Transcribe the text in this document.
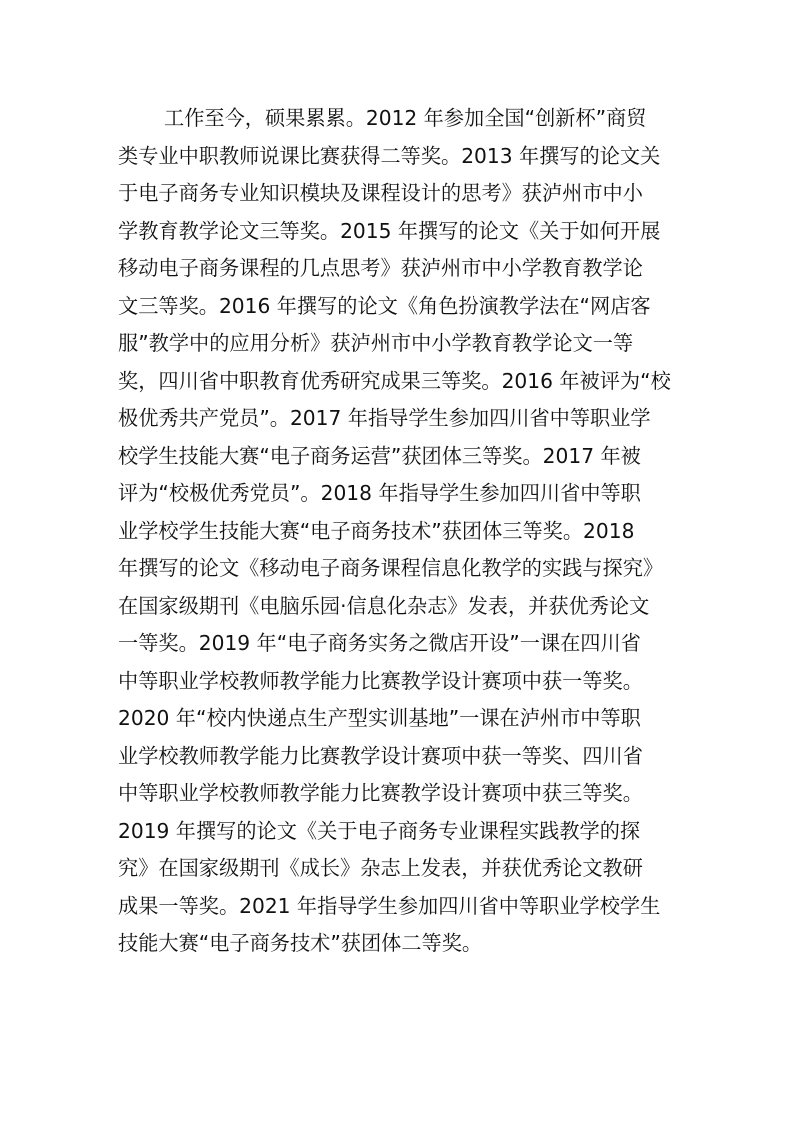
工作至今，硕果累累。2012 年参加全国“创新杯”商贸
类专业中职教师说课比赛获得二等奖。2013 年撰写的论文关
于电子商务专业知识模块及课程设计的思考》获泸州市中小
学教育教学论文三等奖。2015 年撰写的论文《关于如何开展
移动电子商务课程的几点思考》获泸州市中小学教育教学论
文三等奖。2016 年撰写的论文《角色扮演教学法在“网店客
服”教学中的应用分析》获泸州市中小学教育教学论文一等
奖，四川省中职教育优秀研究成果三等奖。2016 年被评为“校
极优秀共产党员”。2017 年指导学生参加四川省中等职业学
校学生技能大赛“电子商务运营”获团体三等奖。2017 年被
评为“校极优秀党员”。2018 年指导学生参加四川省中等职
业学校学生技能大赛“电子商务技术”获团体三等奖。2018
年撰写的论文《移动电子商务课程信息化教学的实践与探究》
在国家级期刊《电脑乐园·信息化杂志》发表，并获优秀论文
一等奖。2019 年“电子商务实务之微店开设”一课在四川省
中等职业学校教师教学能力比赛教学设计赛项中获一等奖。
2020 年“校内快递点生产型实训基地”一课在泸州市中等职
业学校教师教学能力比赛教学设计赛项中获一等奖、四川省
中等职业学校教师教学能力比赛教学设计赛项中获三等奖。
2019 年撰写的论文《关于电子商务专业课程实践教学的探
究》在国家级期刊《成长》杂志上发表，并获优秀论文教研
成果一等奖。2021 年指导学生参加四川省中等职业学校学生
技能大赛“电子商务技术”获团体二等奖。
